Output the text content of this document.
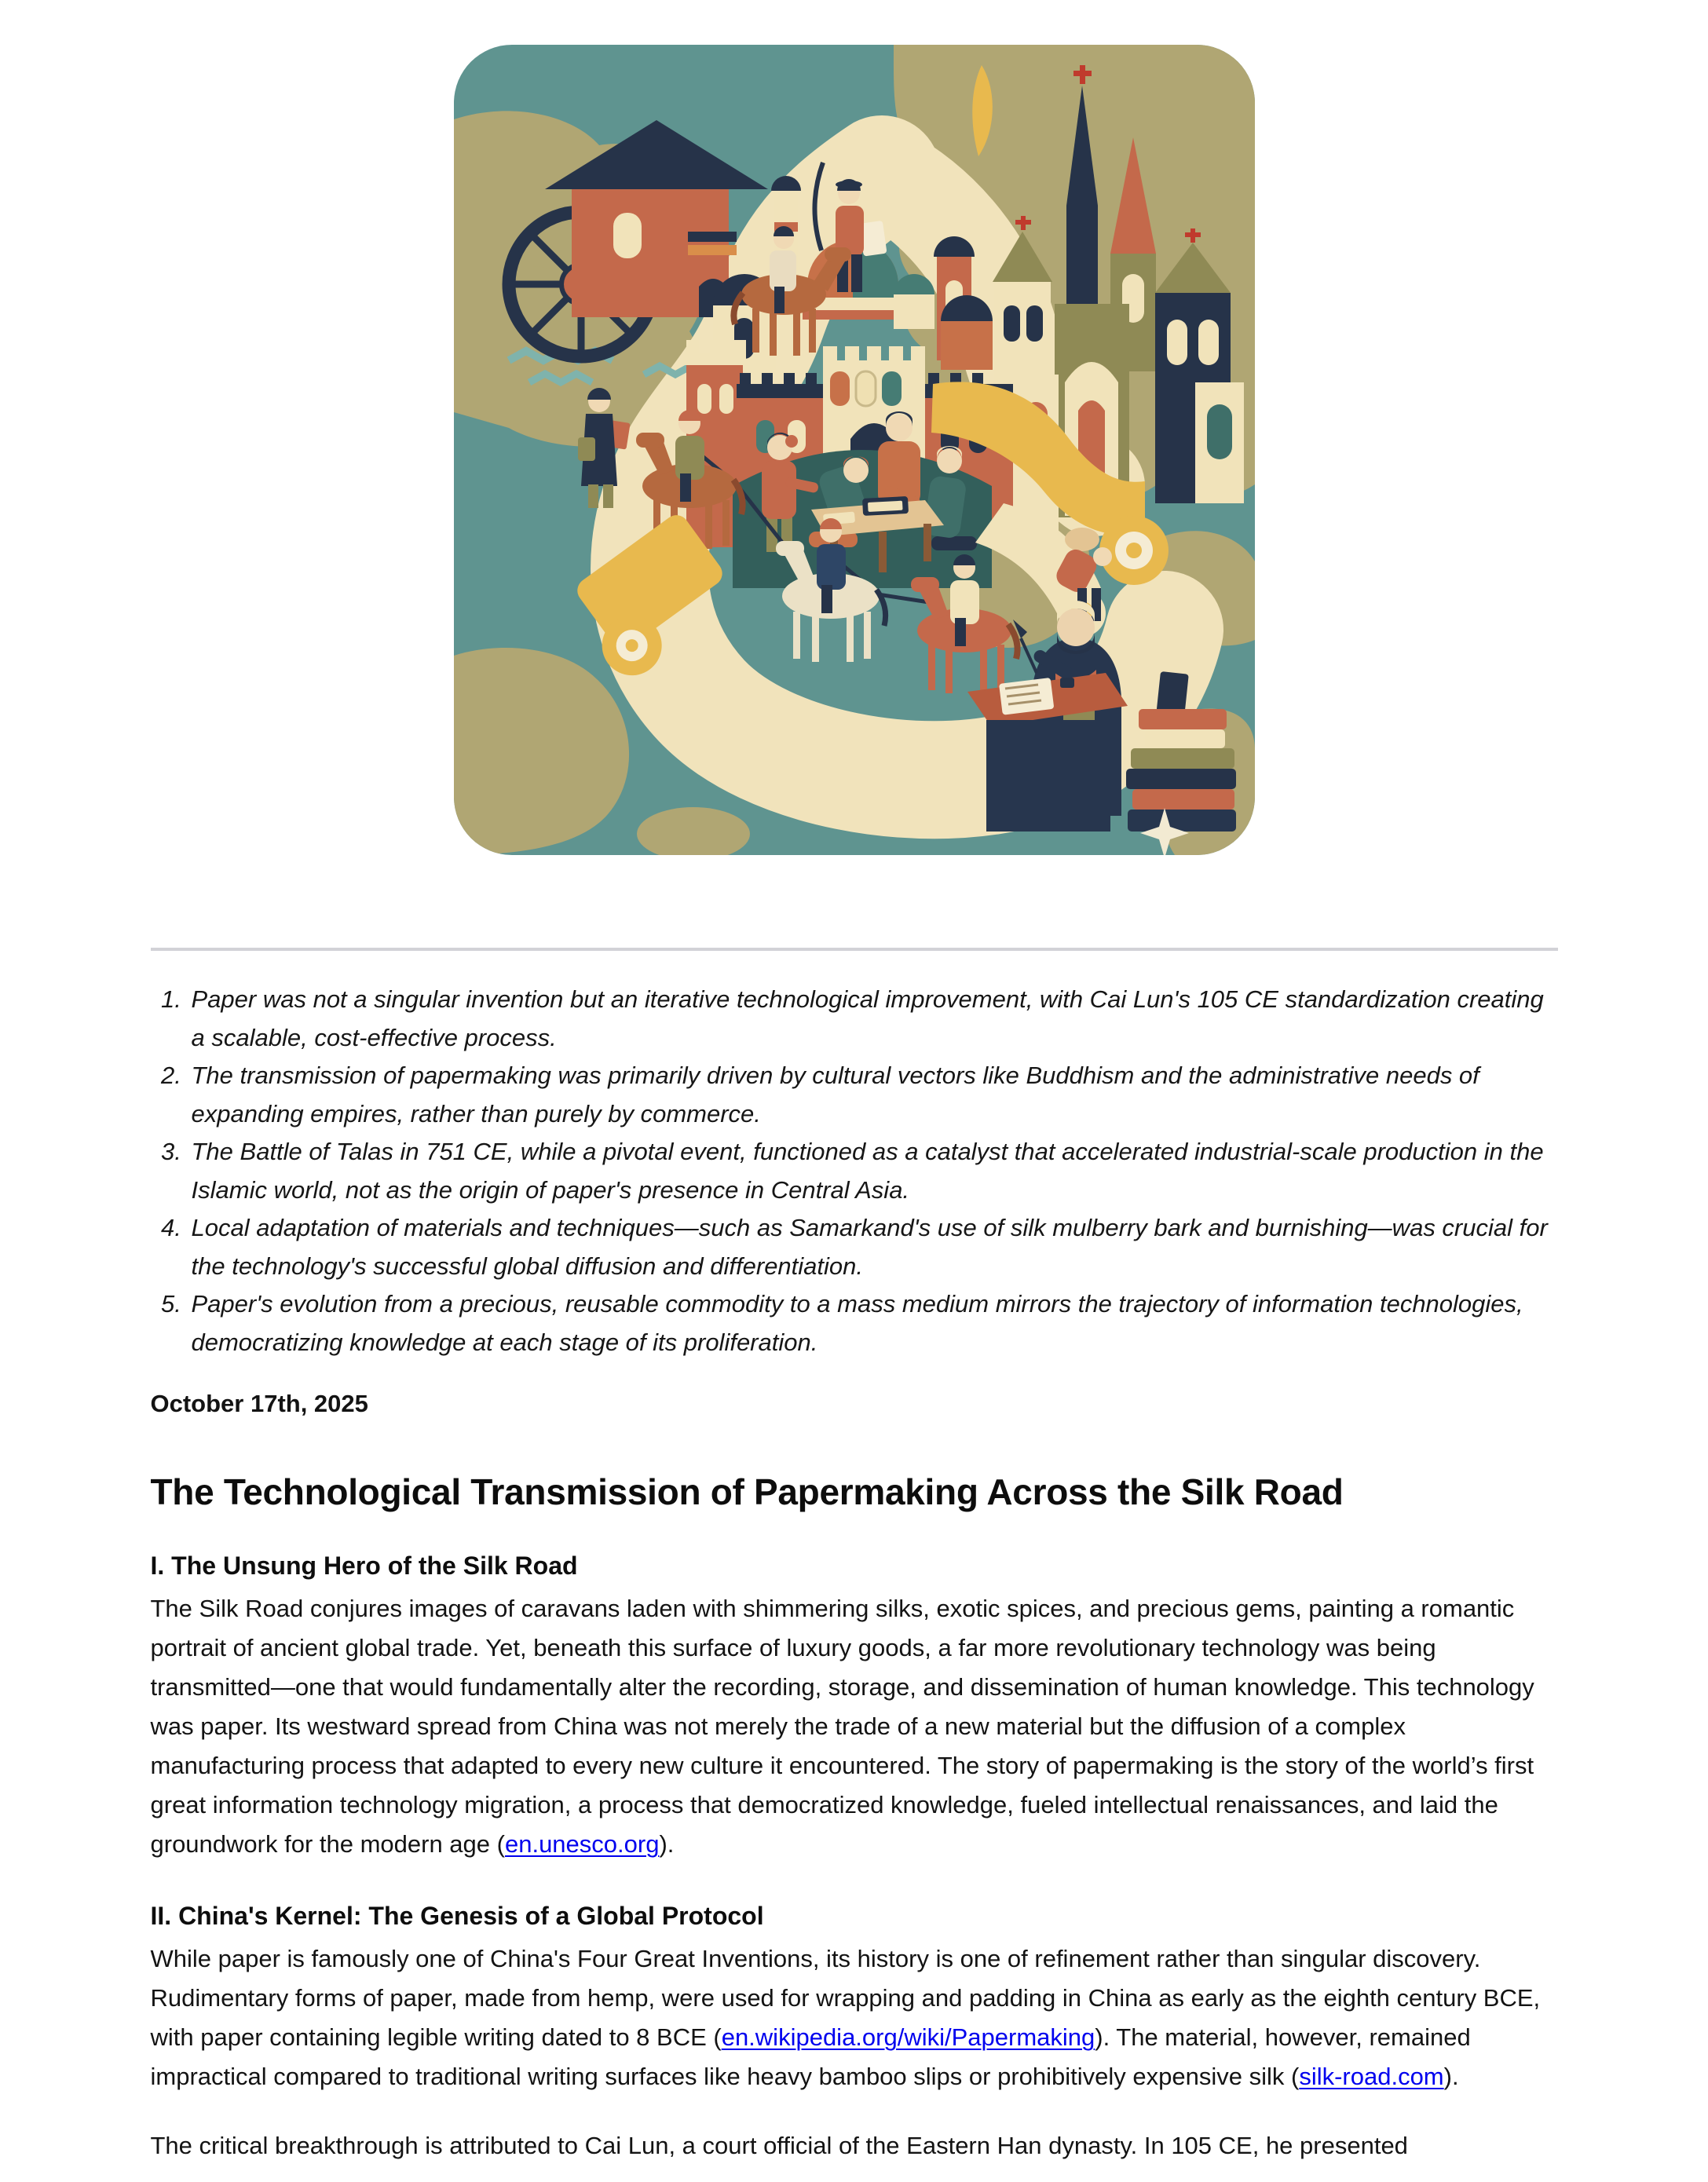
1. Paper was not a singular invention but an iterative technological improvement, with Cai Lun's 105 CE standardization creating a scalable, cost-effective process.
2. The transmission of papermaking was primarily driven by cultural vectors like Buddhism and the administrative needs of expanding empires, rather than purely by commerce.
3. The Battle of Talas in 751 CE, while a pivotal event, functioned as a catalyst that accelerated industrial-scale production in the Islamic world, not as the origin of paper's presence in Central Asia.
4. Local adaptation of materials and techniques—such as Samarkand's use of silk mulberry bark and burnishing—was crucial for the technology's successful global diffusion and differentiation.
5. Paper's evolution from a precious, reusable commodity to a mass medium mirrors the trajectory of information technologies, democratizing knowledge at each stage of its proliferation.
October 17th, 2025
The Technological Transmission of Papermaking Across the Silk Road
I. The Unsung Hero of the Silk Road

The Silk Road conjures images of caravans laden with shimmering silks, exotic spices, and precious gems, painting a romantic portrait of ancient global trade. Yet, beneath this surface of luxury goods, a far more revolutionary technology was being transmitted—one that would fundamentally alter the recording, storage, and dissemination of human knowledge. This technology was paper. Its westward spread from China was not merely the trade of a new material but the diffusion of a complex manufacturing process that adapted to every new culture it encountered. The story of papermaking is the story of the world’s first great information technology migration, a process that democratized knowledge, fueled intellectual renaissances, and laid the groundwork for the modern age (en.unesco.org).

II. China's Kernel: The Genesis of a Global Protocol

While paper is famously one of China's Four Great Inventions, its history is one of refinement rather than singular discovery. Rudimentary forms of paper, made from hemp, were used for wrapping and padding in China as early as the eighth century BCE, with paper containing legible writing dated to 8 BCE (en.wikipedia.org/wiki/Papermaking). The material, however, remained impractical compared to traditional writing surfaces like heavy bamboo slips or prohibitively expensive silk (silk-road.com).

The critical breakthrough is attributed to Cai Lun, a court official of the Eastern Han dynasty. In 105 CE, he presented
